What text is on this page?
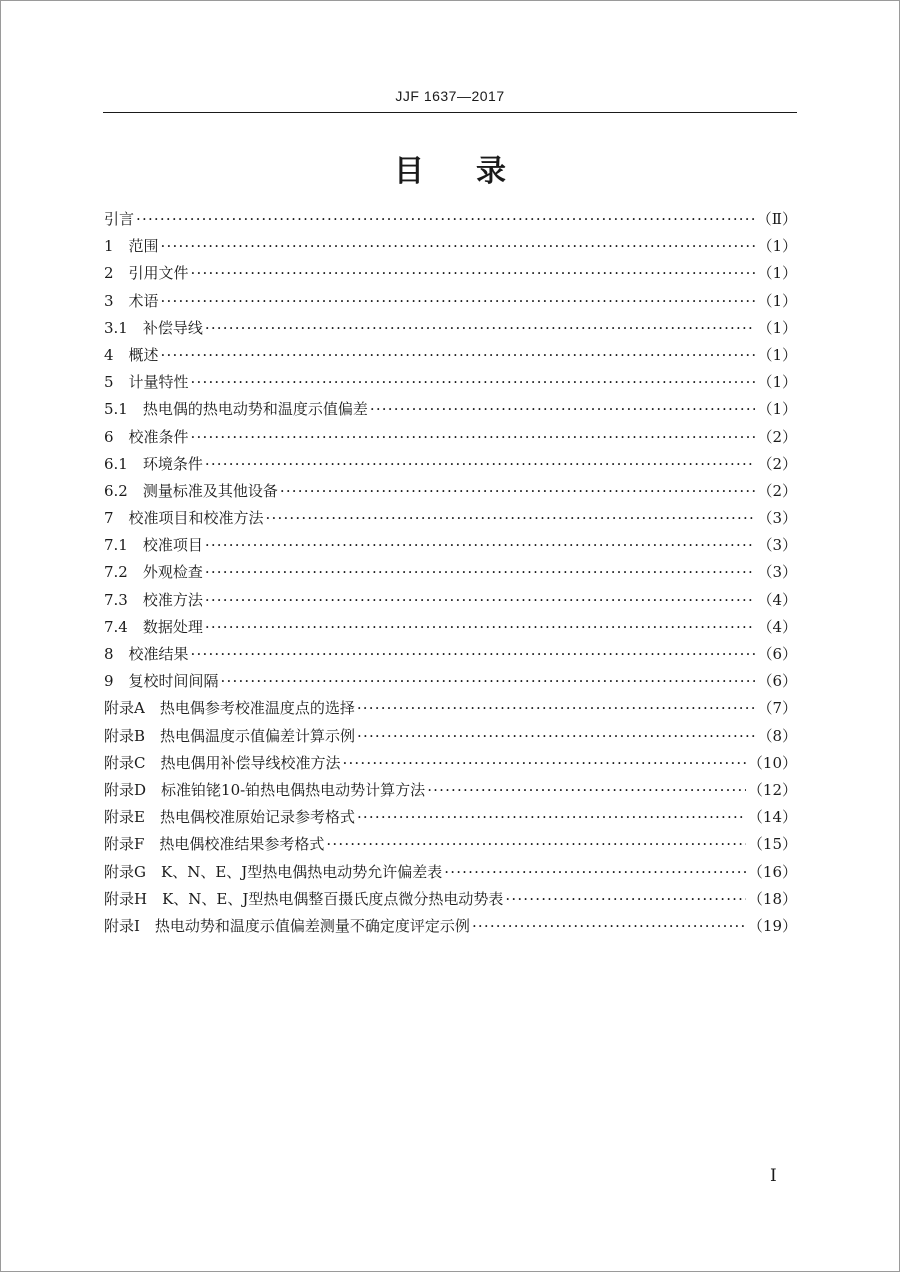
JJF 1637—2017
目录
引言 ·····	（Ⅱ）
1　范围 ·····	（1）
2　引用文件 ·····	（1）
3　术语 ·····	（1）
3.1　补偿导线 ·····	（1）
4　概述 ·····	（1）
5　计量特性 ·····	（1）
5.1　热电偶的热电动势和温度示值偏差 ·····	（1）
6　校准条件 ·····	（2）
6.1　环境条件 ·····	（2）
6.2　测量标准及其他设备 ·····	（2）
7　校准项目和校准方法 ·····	（3）
7.1　校准项目 ·····	（3）
7.2　外观检查 ·····	（3）
7.3　校准方法 ·····	（4）
7.4　数据处理 ·····	（4）
8　校准结果 ·····	（6）
9　复校时间间隔 ·····	（6）
附录A　热电偶参考校准温度点的选择 ·····	（7）
附录B　热电偶温度示值偏差计算示例 ·····	（8）
附录C　热电偶用补偿导线校准方法 ·····	（10）
附录D　标准铂铑10-铂热电偶热电动势计算方法 ·····	（12）
附录E　热电偶校准原始记录参考格式 ·····	（14）
附录F　热电偶校准结果参考格式 ·····	（15）
附录G　K、N、E、J型热电偶热电动势允许偏差表 ·····	（16）
附录H　K、N、E、J型热电偶整百摄氏度点微分热电动势表 ·····	（18）
附录I　热电动势和温度示值偏差测量不确定度评定示例 ·····	（19）
Ⅰ
